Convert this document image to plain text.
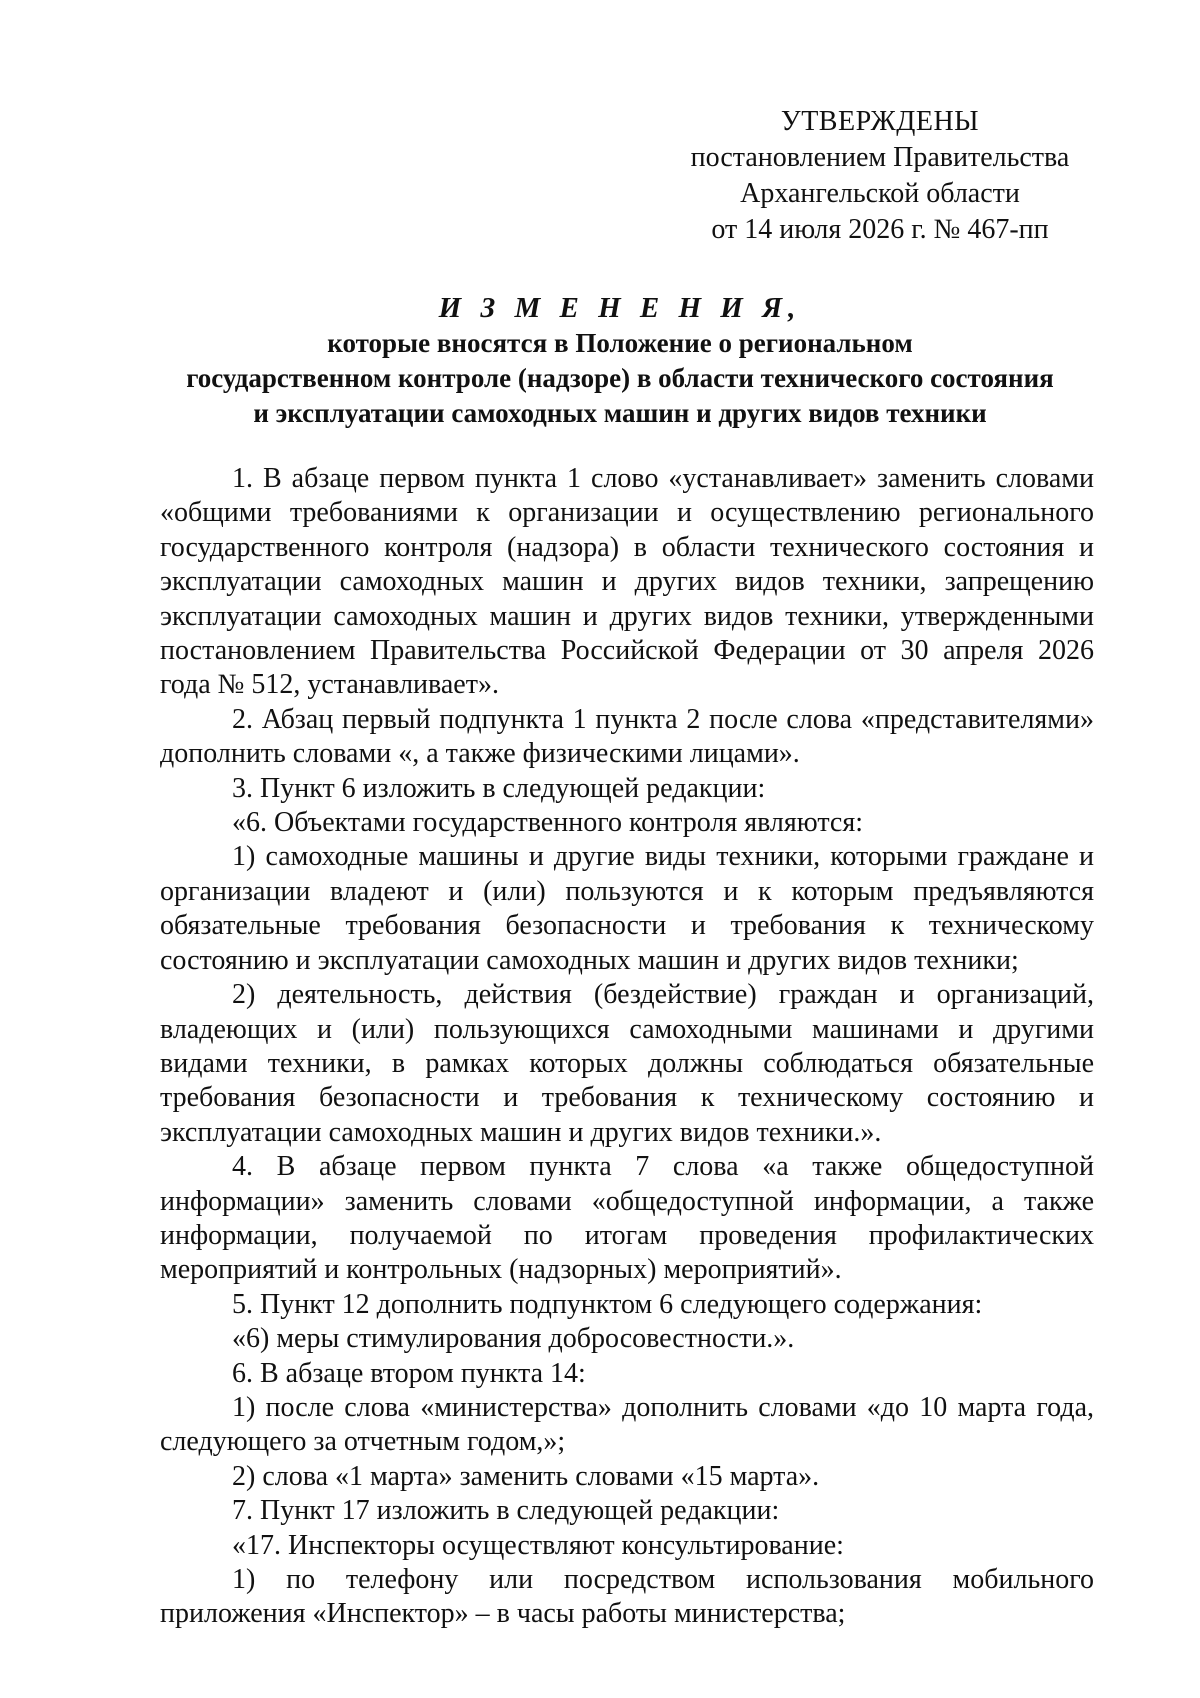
УТВЕРЖДЕНЫ
постановлением Правительства
Архангельской области
от 14 июля 2026 г. № 467-пп
И З М Е Н Е Н И Я,
которые вносятся в Положение о региональном
государственном контроле (надзоре) в области технического состояния
и эксплуатации самоходных машин и других видов техники

1. В абзаце первом пункта 1 слово «устанавливает» заменить словами «общими требованиями к организации и осуществлению регионального государственного контроля (надзора) в области технического состояния и эксплуатации самоходных машин и других видов техники, запрещению эксплуатации самоходных машин и других видов техники, утвержденными постановлением Правительства Российской Федерации от 30 апреля 2026 года № 512, устанавливает».

2. Абзац первый подпункта 1 пункта 2 после слова «представителями» дополнить словами «, а также физическими лицами».

3. Пункт 6 изложить в следующей редакции:

«6. Объектами государственного контроля являются:

1) самоходные машины и другие виды техники, которыми граждане и организации владеют и (или) пользуются и к которым предъявляются обязательные требования безопасности и требования к техническому состоянию и эксплуатации самоходных машин и других видов техники;

2) деятельность, действия (бездействие) граждан и организаций, владеющих и (или) пользующихся самоходными машинами и другими видами техники, в рамках которых должны соблюдаться обязательные требования безопасности и требования к техническому состоянию и эксплуатации самоходных машин и других видов техники.».

4. В абзаце первом пункта 7 слова «а также общедоступной информации» заменить словами «общедоступной информации, а также информации, получаемой по итогам проведения профилактических мероприятий и контрольных (надзорных) мероприятий».

5. Пункт 12 дополнить подпунктом 6 следующего содержания:

«6) меры стимулирования добросовестности.».

6. В абзаце втором пункта 14:

1) после слова «министерства» дополнить словами «до 10 марта года, следующего за отчетным годом,»;

2) слова «1 марта» заменить словами «15 марта».

7. Пункт 17 изложить в следующей редакции:

«17. Инспекторы осуществляют консультирование:

1) по телефону или посредством использования мобильного приложения «Инспектор» – в часы работы министерства;
